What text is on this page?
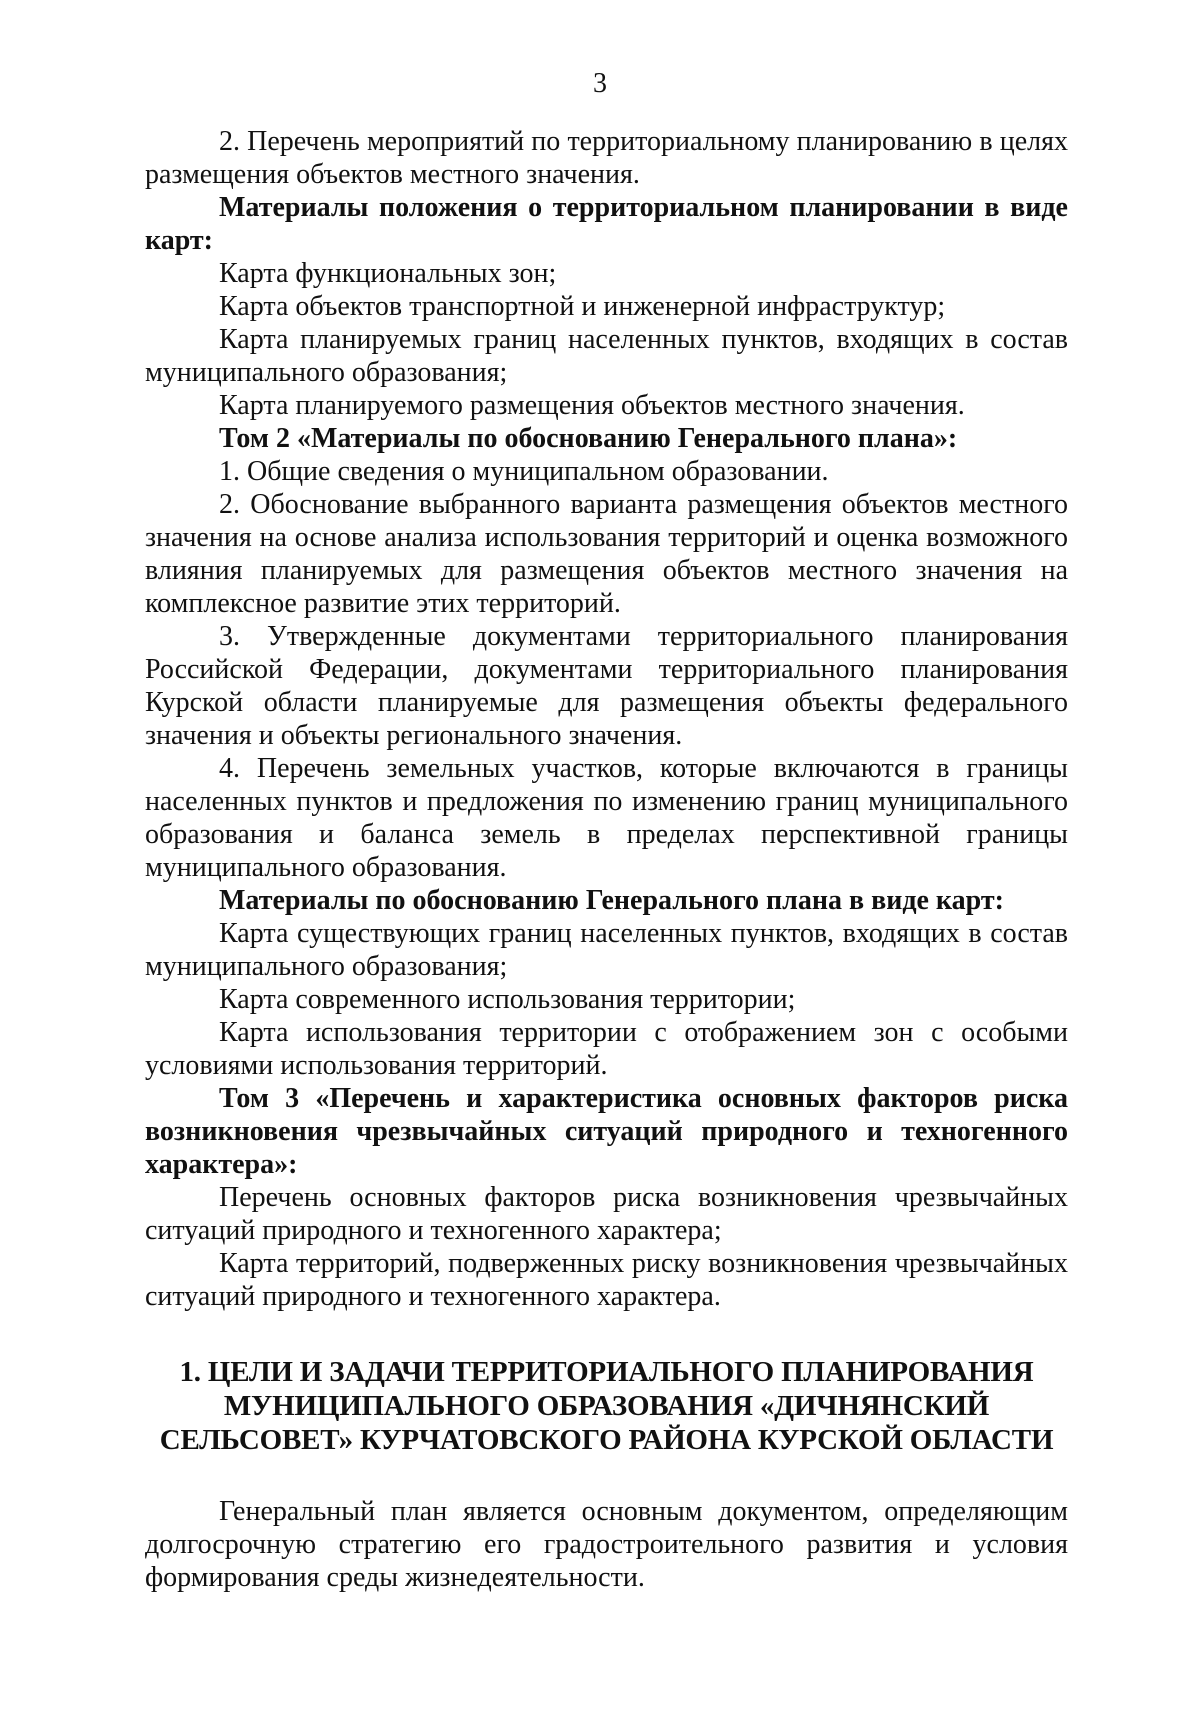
3

2. Перечень мероприятий по территориальному планированию в целях размещения объектов местного значения.

Материалы положения о территориальном планировании в виде карт:

Карта функциональных зон;

Карта объектов транспортной и инженерной инфраструктур;

Карта планируемых границ населенных пунктов, входящих в состав муниципального образования;

Карта планируемого размещения объектов местного значения.

Том 2 «Материалы по обоснованию Генерального плана»:

1. Общие сведения о муниципальном образовании.

2. Обоснование выбранного варианта размещения объектов местного значения на основе анализа использования территорий и оценка возможного влияния планируемых для размещения объектов местного значения на комплексное развитие этих территорий.

3. Утвержденные документами территориального планирования Российской Федерации, документами территориального планирования Курской области планируемые для размещения объекты федерального значения и объекты регионального значения.

4. Перечень земельных участков, которые включаются в границы населенных пунктов и предложения по изменению границ муниципального образования и баланса земель в пределах перспективной границы муниципального образования.

Материалы по обоснованию Генерального плана в виде карт:

Карта существующих границ населенных пунктов, входящих в состав муниципального образования;

Карта современного использования территории;

Карта использования территории с отображением зон с особыми условиями использования территорий.

Том 3 «Перечень и характеристика основных факторов риска возникновения чрезвычайных ситуаций природного и техногенного характера»:

Перечень основных факторов риска возникновения чрезвычайных ситуаций природного и техногенного характера;

Карта территорий, подверженных риску возникновения чрезвычайных ситуаций природного и техногенного характера.

1. ЦЕЛИ И ЗАДАЧИ ТЕРРИТОРИАЛЬНОГО ПЛАНИРОВАНИЯ
МУНИЦИПАЛЬНОГО ОБРАЗОВАНИЯ «ДИЧНЯНСКИЙ
СЕЛЬСОВЕТ» КУРЧАТОВСКОГО РАЙОНА КУРСКОЙ ОБЛАСТИ

Генеральный план является основным документом, определяющим долгосрочную стратегию его градостроительного развития и условия формирования среды жизнедеятельности.
